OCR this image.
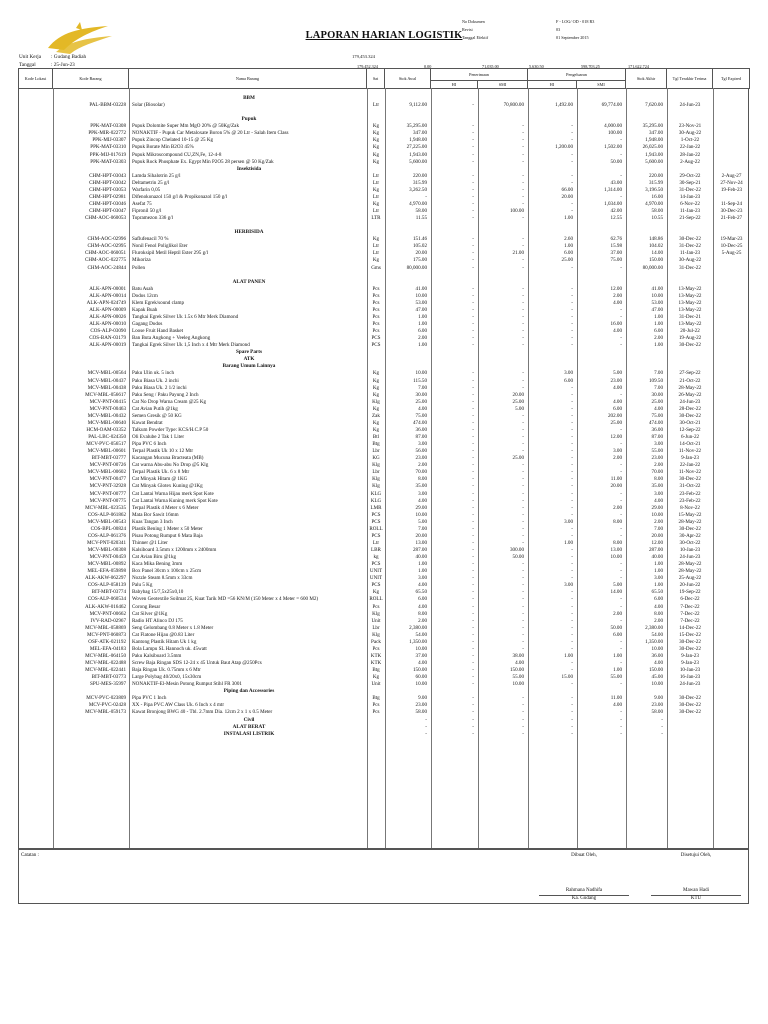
LAPORAN HARIAN LOGISTIK
No Dokumen	F - LOG/ OD - 018 R3
Revisi	03
Tanggal Efektif	01 September 2015
Unit Kerja	: Gudang Badiah
Tanggal	: 25-Jun-23
179,453.324
179,452.324	0.00	71,035.00	5,630.50	598,703.25	171,622.724
Kode Lokasi	Kode Barang	Nama Barang	Sat	Stok Awal	Penerimaan		Pengeluaran		Stok Akhir	Tgl Terakhir Terima	Tgl Expired
					HI	SMI	HI	SMI			

		BBM									
	PAL-BBM-03228	Solar (Biosolar)	Ltr	9,112.00	-	70,800.00	1,492.00	69,774.00	7,620.00	24-Jun-23	

		Pupuk									
	PPK-MAT-03308	Pupuk Dolomite Super Mm MgO 20% @ 50Kg/Zak	Kg	35,295.00	-	-	-	4,000.00	35,295.00	23-Nov-21	
	PPK-MIR-022772	NONAKTIF - Pupuk Car Metaloxate Boron 5% @ 20 Ltr - Salah Item Class	Kg	347.00	-	-	-	100.00	347.00	30-Aug-22	
	PPK-MIJ-03307	Pupuk Zincop Chelated 10-15 @ 25 Kg	Kg	1,948.00	-	-	-	-	1,948.00	1-Oct-22	
	PPK-MAT-03310	Pupuk Borate Min B2O3 45%	Kg	27,225.00	-	-	1,200.00	1,502.00	26,025.00	22-Jan-22	
	PPK-MIJ-017619	Pupuk Mikroscompound CU,ZN,Fe, 12-4-8	Kg	1,943.00	-	-	-	-	1,943.00	28-Jan-22	
	PPK-MAT-03303	Pupuk Rock Phosphate Ex. Egypt Min P2O5 28 persen @ 50 Kg/Zak	Kg	5,600.00	-	-	-	50.00	5,600.00	2-Aug-22	
		Insektisida									
	CHM-HPT-03043	Lamda Sihalotrin 25 g/l	Ltr	220.00	-	-	-	-	220.00	29-Oct-22	2-Aug-27
	CHM-HPT-03042	Deltametrin 25 g/l	Ltr	315.99	-	-	-	43.00	315.99	30-Sep-21	27-Nov-24
	CHM-HPT-03053	Warfarin 0,05	Kg	3,262.50	-	-	66.00	1,314.00	3,196.50	31-Dec-22	19-Feb-23
	CHM-HPT-02981	Difenokonazol 150 g/l & Propikonazol 150 g/l	Ltr	-	-	-	20.00	-	16.00	14-Jan-23	
	CHM-HPT-03046	Asefat 75	Kg	4,970.00	-	-	-	1,034.00	4,970.00	6-Nov-22	11-Sep-24
	CHM-HPT-03047	Fipronil 50 g/l	Ltr	58.00	-	100.00	-	42.00	58.00	11-Jan-23	30-Dec-23
	CHM-AOC-060053	Topramezon 336 g/l	LTR	11.55	-	-	1.00	12.55	10.55	21-Sep-22	21-Feb-27

		HERBISIDA									
	CHM-AOC-02996	Saflufenacil 70 %	Kg	151.46	-	-	2.60	62.76	148.86	30-Dec-22	19-Mar-23
	CHM-AOC-02995	Nonil Fenol Poliglikol Eter	Ltr	105.02	-	-	1.00	15.98	104.02	31-Dec-22	10-Dec-25
	CHM-AOC-060051	Fluroksipil Metil Heptil Ester 295 g/l	Ltr	20.00	-	21.00	6.00	37.00	14.00	11-Jan-23	5-Aug-25
	CHM-AOC-022775	Mikoriza	Kg	175.00	-	-	25.00	75.00	150.00	30-Aug-22	
	CHM-AOC-24844	Pollen	Gms	80,000.00	-	-	-	-	80,000.00	31-Dec-22	

		ALAT PANEN									
	ALK-APN-00001	Batu Asah	Pcs	41.00	-	-	-	12.00	41.00	13-May-22	
	ALK-APN-00014	Dodos 12cm	Pcs	10.00	-	-	-	2.00	10.00	13-May-22	
	ALK-APN-024749	Klem Egrek/sound clamp	Pcs	53.00	-	-	-	4.00	53.00	13-May-22	
	ALK-APN-00009	Kapak Buah	Pcs	47.00	-	-	-	-	47.00	13-May-22	
	ALK-APN-00026	Tangkai Egrek Silver Uk 1.5x 6 Mtr Merk Diamond	Pcs	1.00	-	-	-	-	1.00	31-Dec-21	
	ALK-APN-00010	Gagang Dodos	Pcs	1.00	-	-	-	16.00	1.00	13-May-22	
	COS-ALP-03090	Loose Fruit Hand Basket	Pcs	6.00	-	-	-	4.00	6.00	20-Jul-22	
	COS-BAN-03179	Ban Buta Angkong + Veeleg Angkong	PCS	2.00	-	-	-	-	2.00	19-Aug-22	
	ALK-APN-00019	Tangkai Egrek Silver Uk 1,5 Inch x 4 Mtr Merk Diamond	PCS	1.00	-	-	-	-	1.00	30-Dec-22	
		Spare Parts									
		ATK									
		Barang Umum Lainnya									
	MCV-MBL-00564	Paku Ulin uk. 5 inch	Kg	10.00	-	-	3.00	5.00	7.00	27-Sep-22	
	MCV-MBL-00437	Paku Biasa Uk. 2 inchi	Kg	115.50	-	-	6.00	23.00	109.50	21-Oct-22	
	MCV-MBL-00438	Paku Biasa Uk. 2 1/2 inchi	Kg	7.00	-	-	-	4.00	7.00	28-May-22	
	MCV-MBL-056617	Paku Seng / Paku Payung 2 Inch	Kg	30.00	-	20.00	-	-	30.00	26-May-22	
	MCV-PNT-00415	Cat No Drop Warna Cream @25 Kg	Klg	25.00	-	25.00	-	4.00	25.00	24-Jun-23	
	MCV-PNT-00463	Cat Avian Putih @1kg	Kg	4.00	-	5.00	-	6.00	4.00	28-Dec-22	
	MCV-MBL-00432	Semen Gresik @ 50 KG	Zak	75.00	-	-	-	202.00	75.00	30-Dec-22	
	MCV-MBL-00640	Kawat Bendrat	Kg	474.00	-	-	-	25.00	474.00	30-Oct-21	
	HCM-OAM-03352	Talkum Powder Type: KCS/H.C.P 50	Kg	36.00	-	-	-	-	36.00	12-Sep-22	
	PAL-LBC-024350	Oli Evalube 2 Tak 1 Liter	Btl	87.00	-	-	-	12.00	87.00	6-Jun-22	
	MCV-PVC-056517	Pipa PVC 6 Inch	Btg	3.00	-	-	-	-	3.00	14-Oct-21	
	MCV-MBL-00601	Terpal Plastik Uk 10 x 12 Mtr	Lbr	56.00	-	-	-	3.00	55.00	11-Nov-22	
	BIT-MBT-03777	Kacangan Mucuna Bracteata (MB)	KG	23.00	-	25.00	-	2.00	23.00	9-Jan-23	
	MCV-PNT-00726	Cat warna Abu-abu No Drop @5 Klg	Klg	2.00	-	-	-	-	2.00	22-Jan-22	
	MCV-MBL-00602	Terpal Plastik Uk. 6 x 8 Mtr	Lbr	70.00	-	-	-	-	70.00	11-Nov-22	
	MCV-PNT-00477	Cat Minyak Hitam @ 1KG	Klg	8.00	-	-	-	11.00	8.00	30-Dec-22	
	MCV-PNT-32928	Cat Minyak Glotex Kuning @1Kg	Klg	35.00	-	-	-	20.00	35.00	31-Oct-22	
	MCV-PNT-00777	Cat Lantai Warna Hijau merk Spot Kote	KLG	3.00	-	-	-	-	3.00	23-Feb-22	
	MCV-PNT-00775	Cat Lantai Warna Kuning merk Spot Kote	KLG	4.00	-	-	-	-	4.00	23-Feb-22	
	MCV-MBL-023535	Terpal Plastik 4 Meter x 6 Meter	LMR	29.00	-	-	-	2.00	29.00	8-Nov-22	
	COS-ALP-061862	Mata Bor Sawit 16mm	PCS	10.00	-	-	-	-	10.00	15-May-22	
	MCV-MBL-00543	Kuas Tangan 3 Inch	PCS	5.00	-	-	3.00	8.00	2.00	28-May-22	
	COS-BPL-00824	Plastik Bening 1 Meter x 50 Meter	ROLL	7.00	-	-	-	-	7.00	30-Dec-22	
	COS-ALP-061376	Pisau Potong Rumput 6 Mata Baja	PCS	20.00	-	-	-	-	20.00	30-Apr-22	
	MCV-PNT-020341	Thinner @1 Liter	Ltr	13.00	-	-	1.00	8.00	12.00	30-Oct-22	
	MCV-MBL-00308	Kalsiboard 3.5mm x 1200mm x 2400mm	LBR	287.00	-	300.00	-	13.00	287.00	10-Jan-23	
	MCV-PNT-00459	Cat Avian Biru @1kg	kg	40.00	-	50.00	-	10.00	40.00	24-Jun-23	
	MCV-MBL-00892	Kaca Mika Bening 3mm	PCS	1.00	-	-	-	-	1.00	28-May-22	
	MEL-EFA-059898	Box Panel 30cm x 100cm x 25cm	UNIT	1.00	-	-	-	-	1.00	28-May-22	
	ALK-AKW-062297	Nozzle Steam 8.5mm x 33cm	UNIT	3.00	-	-	-	-	3.00	25-Aug-22	
	COS-ALP-058139	Palu 5 Kg	PCS	4.00	-	-	3.00	5.00	1.00	20-Jun-22	
	BIT-MBT-03774	Babybag 15/7,5x25x0,10	Kg	65.50	-	-	-	14.00	65.50	19-Sep-22	
	COS-ALP-060534	Woven Geotextile Soilmat 25, Kuat Tarik MD =56 KN/M (150 Meter x 4 Meter = 600 M2)	ROLL	6.00	-	-	-	-	6.00	6-Dec-22	
	ALK-AKW-016462	Corong Besar	Pcs	4.00	-	-	-	-	4.00	7-Dec-22	
	MCV-PNT-00662	Cat Silver @1Kg	Klg	8.00	-	-	-	2.00	8.00	7-Dec-22	
	IVV-RAD-02967	Radio HT Alinco DJ 175	Unit	2.00	-	-	-	-	2.00	7-Dec-22	
	MCV-MBL-058869	Seng Gelombang 0.8 Meter x 1.8 Meter	Lbr	2,380.00	-	-	-	50.00	2,380.00	14-Dec-22	
	MCV-PNT-060873	Cat Flatone Hijau @0.83 Liter	Klg	54.00	-	-	-	6.00	54.00	15-Dec-22	
	OSF-ATK-021192	Kantong Plastik Hitam Uk 1 kg	Pack	1,350.00	-	-	-	-	1,350.00	30-Dec-22	
	MEL-EFA-04183	Bola Lampu SL Hannoch uk. 45watt	Pcs	10.00	-	-	-	-	10.00	30-Dec-22	
	MCV-MBL-064150	Paku Kalsiboard 3.5mm	KTK	37.00	-	38.00	1.00	1.00	36.00	9-Jan-23	
	MCV-MBL-022488	Screw Baja Ringan SDS 12-24 x 45 Untuk Baut Atap @250Pcs	KTK	4.00	-	4.00	-	-	4.00	9-Jan-23	
	MCV-MBL-022441	Baja Ringan Uk. 0.75mm x 6 Mtr	Btg	150.00	-	150.00	-	1.00	150.00	10-Jan-23	
	BIT-MBT-03773	Large Polybag 40/20x0, 15x30cm	Kg	60.00	-	55.00	15.00	55.00	45.00	16-Jan-23	
	SPU-MES-35997	NONAKTIF-El-Mesin Potong Rumput Stihl FR 3001	Unit	10.00	-	10.00	-	-	10.00	24-Jun-23	
		Piping dan Accessories									
	MCV-PVC-023809	Pipa PVC 1 Inch	Btg	9.00	-	-	-	11.00	9.00	30-Dec-22	
	MCV-PVC-02428	XX - Pipa PVC AW Class Uk. 6 Inch x 4 mtr	Pcs	23.00	-	-	-	4.00	23.00	30-Dec-22	
	MCV-MBL-059173	Kawat Bronjong BWG 40 - Tbl. 2.7mm Dia. 12cm 2 x 1 x 0.5 Meter	Pcs	58.00	-	-	-	-	58.00	30-Dec-22	
		Civil		-	-	-	-	-	-		
		ALAT BERAT		-	-	-	-	-	-		
		INSTALASI LISTRIK		-	-	-	-	-	-		

Catatan :	Dibuat Oleh,	Disetujui Oleh,
Rahmana Nadhifa
Ka. Gudang
Mawan Hadi
KTU
